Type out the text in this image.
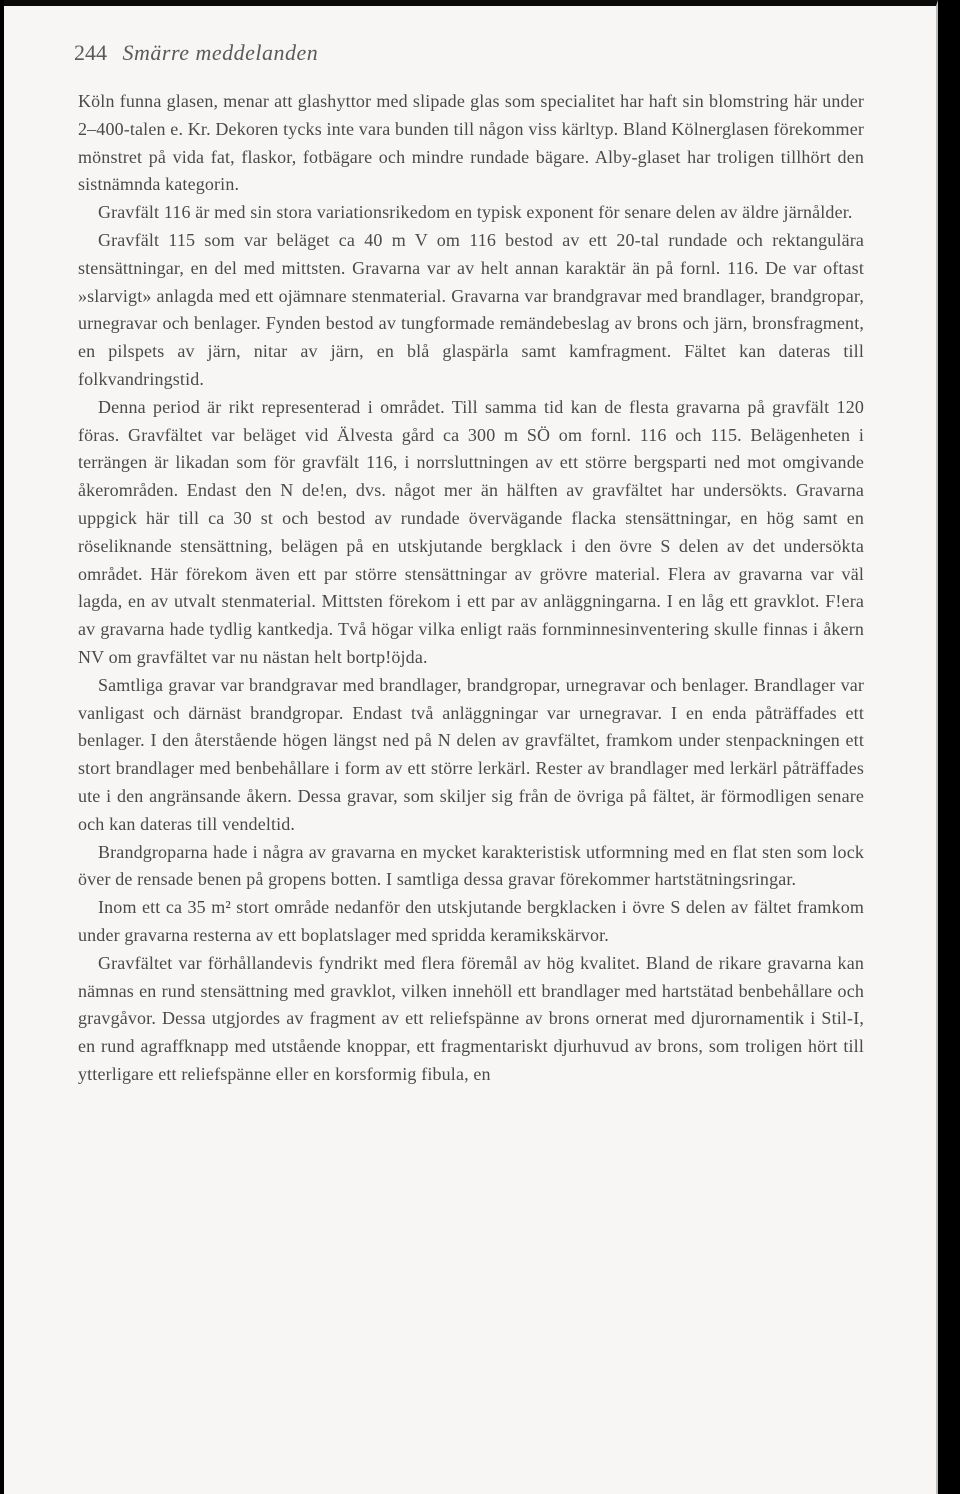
244 Smärre meddelanden

Köln funna glasen, menar att glashyttor med slipade glas som specialitet har haft sin blomstring här under 2–400-talen e. Kr. Dekoren tycks inte vara bunden till någon viss kärltyp. Bland Kölnerglasen förekommer mönstret på vida fat, flaskor, fotbägare och mindre rundade bägare. Alby-glaset har troligen tillhört den sistnämnda kategorin.

Gravfält 116 är med sin stora variationsrikedom en typisk exponent för senare delen av äldre järnålder.

Gravfält 115 som var beläget ca 40 m V om 116 bestod av ett 20-tal rundade och rektangulära stensättningar, en del med mittsten. Gravarna var av helt annan karaktär än på fornl. 116. De var oftast »slarvigt» anlagda med ett ojämnare stenmaterial. Gravarna var brandgravar med brandlager, brandgropar, urnegravar och benlager. Fynden bestod av tungformade remändebeslag av brons och järn, bronsfragment, en pilspets av järn, nitar av järn, en blå glaspärla samt kamfragment. Fältet kan dateras till folkvandringstid.

Denna period är rikt representerad i området. Till samma tid kan de flesta gravarna på gravfält 120 föras. Gravfältet var beläget vid Älvesta gård ca 300 m SÖ om fornl. 116 och 115. Belägenheten i terrängen är likadan som för gravfält 116, i norrsluttningen av ett större bergsparti ned mot omgivande åkerområden. Endast den N de!en, dvs. något mer än hälften av gravfältet har undersökts. Gravarna uppgick här till ca 30 st och bestod av rundade övervägande flacka stensättningar, en hög samt en röseliknande stensättning, belägen på en utskjutande bergklack i den övre S delen av det undersökta området. Här förekom även ett par större stensättningar av grövre material. Flera av gravarna var väl lagda, en av utvalt stenmaterial. Mittsten förekom i ett par av anläggningarna. I en låg ett gravklot. F!era av gravarna hade tydlig kantkedja. Två högar vilka enligt raäs fornminnesinventering skulle finnas i åkern NV om gravfältet var nu nästan helt bortp!öjda.

Samtliga gravar var brandgravar med brandlager, brandgropar, urnegravar och benlager. Brandlager var vanligast och därnäst brandgropar. Endast två anläggningar var urnegravar. I en enda påträffades ett benlager. I den återstående högen längst ned på N delen av gravfältet, framkom under stenpackningen ett stort brandlager med benbehållare i form av ett större lerkärl. Rester av brandlager med lerkärl påträffades ute i den angränsande åkern. Dessa gravar, som skiljer sig från de övriga på fältet, är förmodligen senare och kan dateras till vendeltid.

Brandgroparna hade i några av gravarna en mycket karakteristisk utformning med en flat sten som lock över de rensade benen på gropens botten. I samtliga dessa gravar förekommer hartstätningsringar.

Inom ett ca 35 m² stort område nedanför den utskjutande bergklacken i övre S delen av fältet framkom under gravarna resterna av ett boplatslager med spridda keramikskärvor.

Gravfältet var förhållandevis fyndrikt med flera föremål av hög kvalitet. Bland de rikare gravarna kan nämnas en rund stensättning med gravklot, vilken innehöll ett brandlager med hartstätad benbehållare och gravgåvor. Dessa utgjordes av fragment av ett reliefspänne av brons ornerat med djurornamentik i Stil-I, en rund agraffknapp med utstående knoppar, ett fragmentariskt djurhuvud av brons, som troligen hört till ytterligare ett reliefspänne eller en korsformig fibula, en
